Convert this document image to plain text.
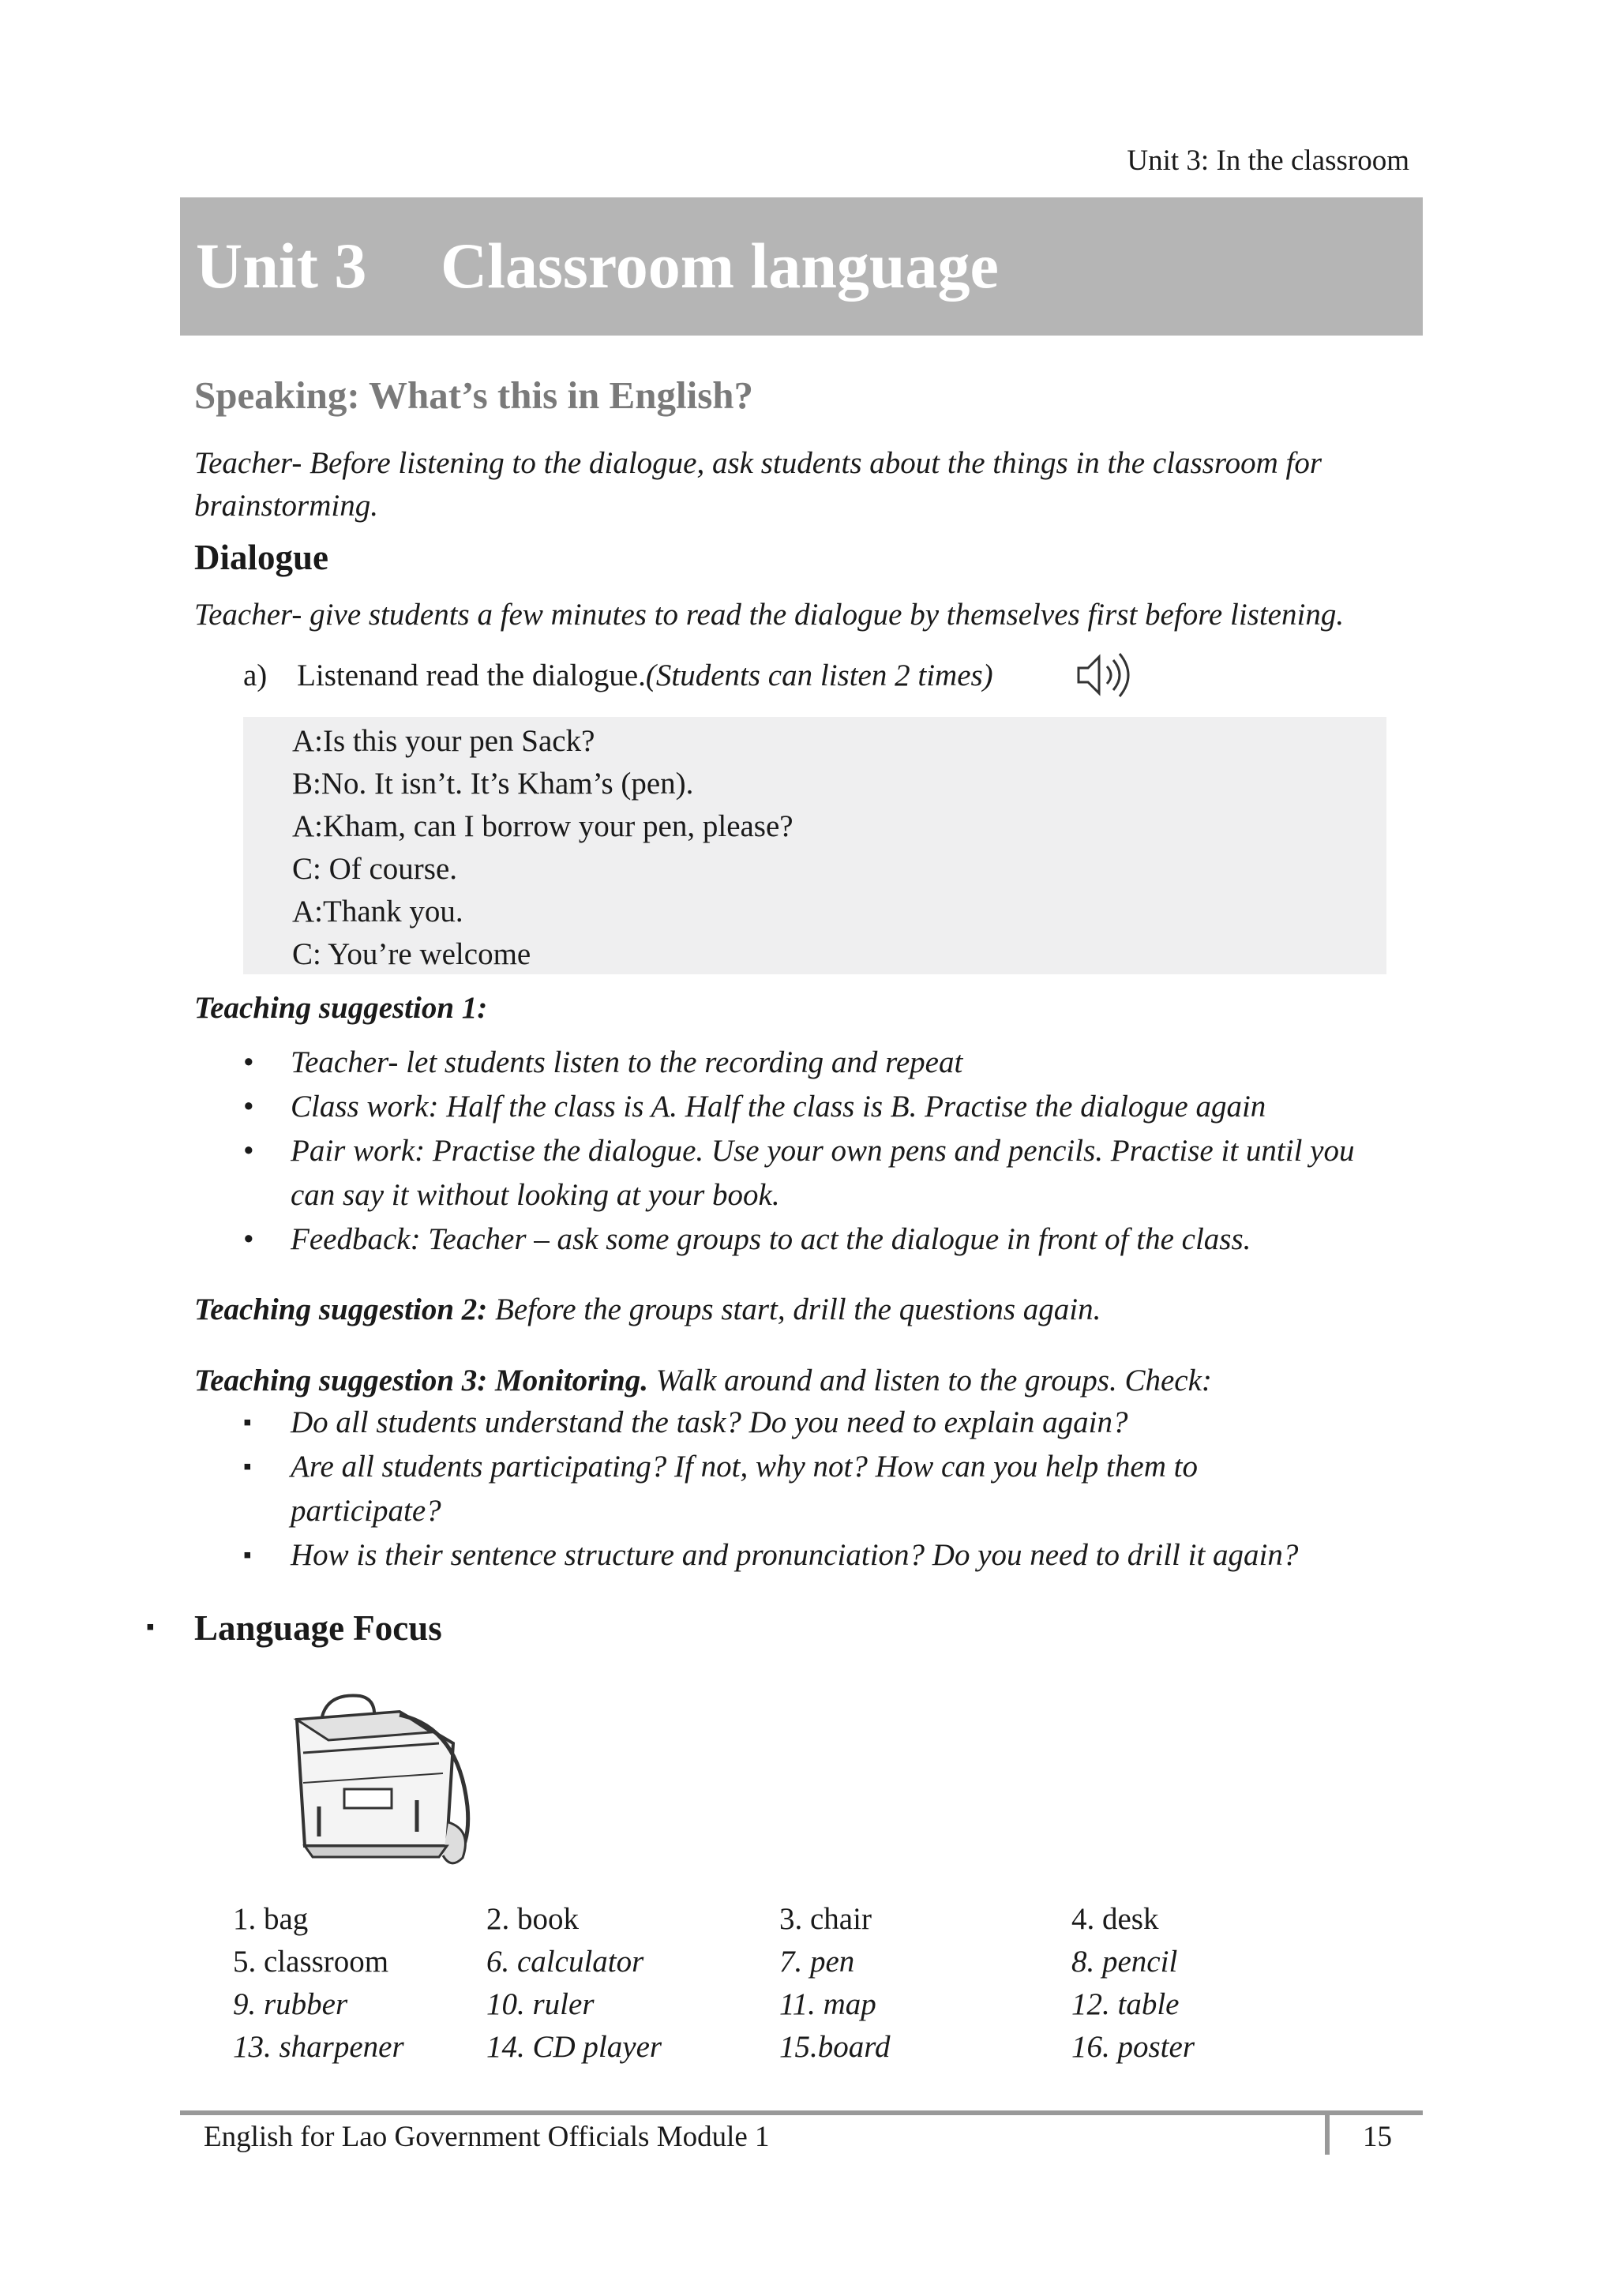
Unit 3: In the classroom
Unit 3 Classroom language
Speaking: What’s this in English?
Teacher- Before listening to the dialogue, ask students about the things in the classroom for
brainstorming.
Dialogue
Teacher- give students a few minutes to read the dialogue by themselves first before listening.
a) Listenand read the dialogue.(Students can listen 2 times)
A:Is this your pen Sack?
B:No. It isn’t. It’s Kham’s (pen).
A:Kham, can I borrow your pen, please?
C: Of course.
A:Thank you.
C: You’re welcome
Teaching suggestion 1:
• Teacher- let students listen to the recording and repeat
• Class work: Half the class is A. Half the class is B. Practise the dialogue again
• Pair work: Practise the dialogue. Use your own pens and pencils. Practise it until you
can say it without looking at your book.
• Feedback: Teacher – ask some groups to act the dialogue in front of the class.
Teaching suggestion 2: Before the groups start, drill the questions again.
Teaching suggestion 3: Monitoring. Walk around and listen to the groups. Check:
▪ Do all students understand the task? Do you need to explain again?
▪ Are all students participating? If not, why not? How can you help them to
participate?
▪ How is their sentence structure and pronunciation? Do you need to drill it again?
▪ Language Focus
1. bag	2. book	3. chair	4. desk
5. classroom	6. calculator	7. pen	8. pencil
9. rubber	10. ruler	11. map	12. table
13. sharpener	14. CD player	15.board	16. poster
English for Lao Government Officials Module 1	15
